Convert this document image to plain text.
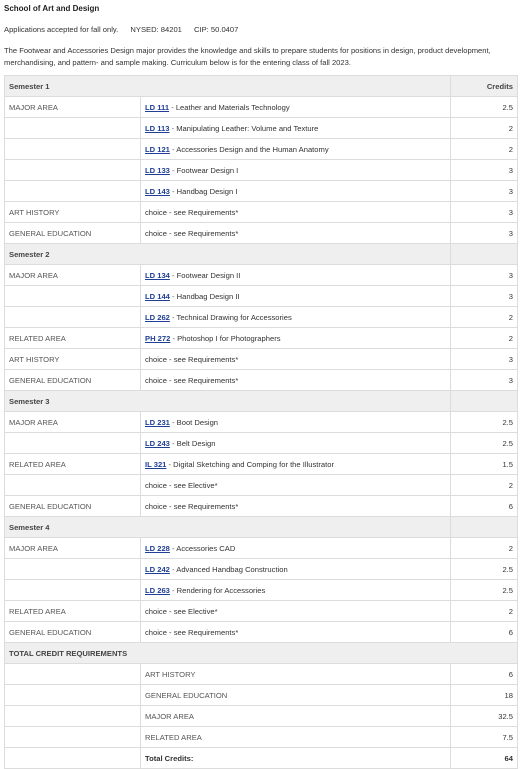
School of Art and Design
Applications accepted for fall only. NYSED: 84201 CIP: 50.0407
The Footwear and Accessories Design major provides the knowledge and skills to prepare students for positions in design, product development, merchandising, and pattern- and sample making. Curriculum below is for the entering class of fall 2023.
Semester 1		Credits
MAJOR AREA	LD 111 - Leather and Materials Technology	2.5
	LD 113 - Manipulating Leather: Volume and Texture	2
	LD 121 - Accessories Design and the Human Anatomy	2
	LD 133 - Footwear Design I	3
	LD 143 - Handbag Design I	3
ART HISTORY	choice - see Requirements*	3
GENERAL EDUCATION	choice - see Requirements*	3
Semester 2		
MAJOR AREA	LD 134 - Footwear Design II	3
	LD 144 - Handbag Design II	3
	LD 262 - Technical Drawing for Accessories	2
RELATED AREA	PH 272 - Photoshop I for Photographers	2
ART HISTORY	choice - see Requirements*	3
GENERAL EDUCATION	choice - see Requirements*	3
Semester 3		
MAJOR AREA	LD 231 - Boot Design	2.5
	LD 243 - Belt Design	2.5
RELATED AREA	IL 321 - Digital Sketching and Comping for the Illustrator	1.5
	choice - see Elective*	2
GENERAL EDUCATION	choice - see Requirements*	6
Semester 4		
MAJOR AREA	LD 228 - Accessories CAD	2
	LD 242 - Advanced Handbag Construction	2.5
	LD 263 - Rendering for Accessories	2.5
RELATED AREA	choice - see Elective*	2
GENERAL EDUCATION	choice - see Requirements*	6
TOTAL CREDIT REQUIREMENTS		
	ART HISTORY	6
	GENERAL EDUCATION	18
	MAJOR AREA	32.5
	RELATED AREA	7.5
	Total Credits:	64
